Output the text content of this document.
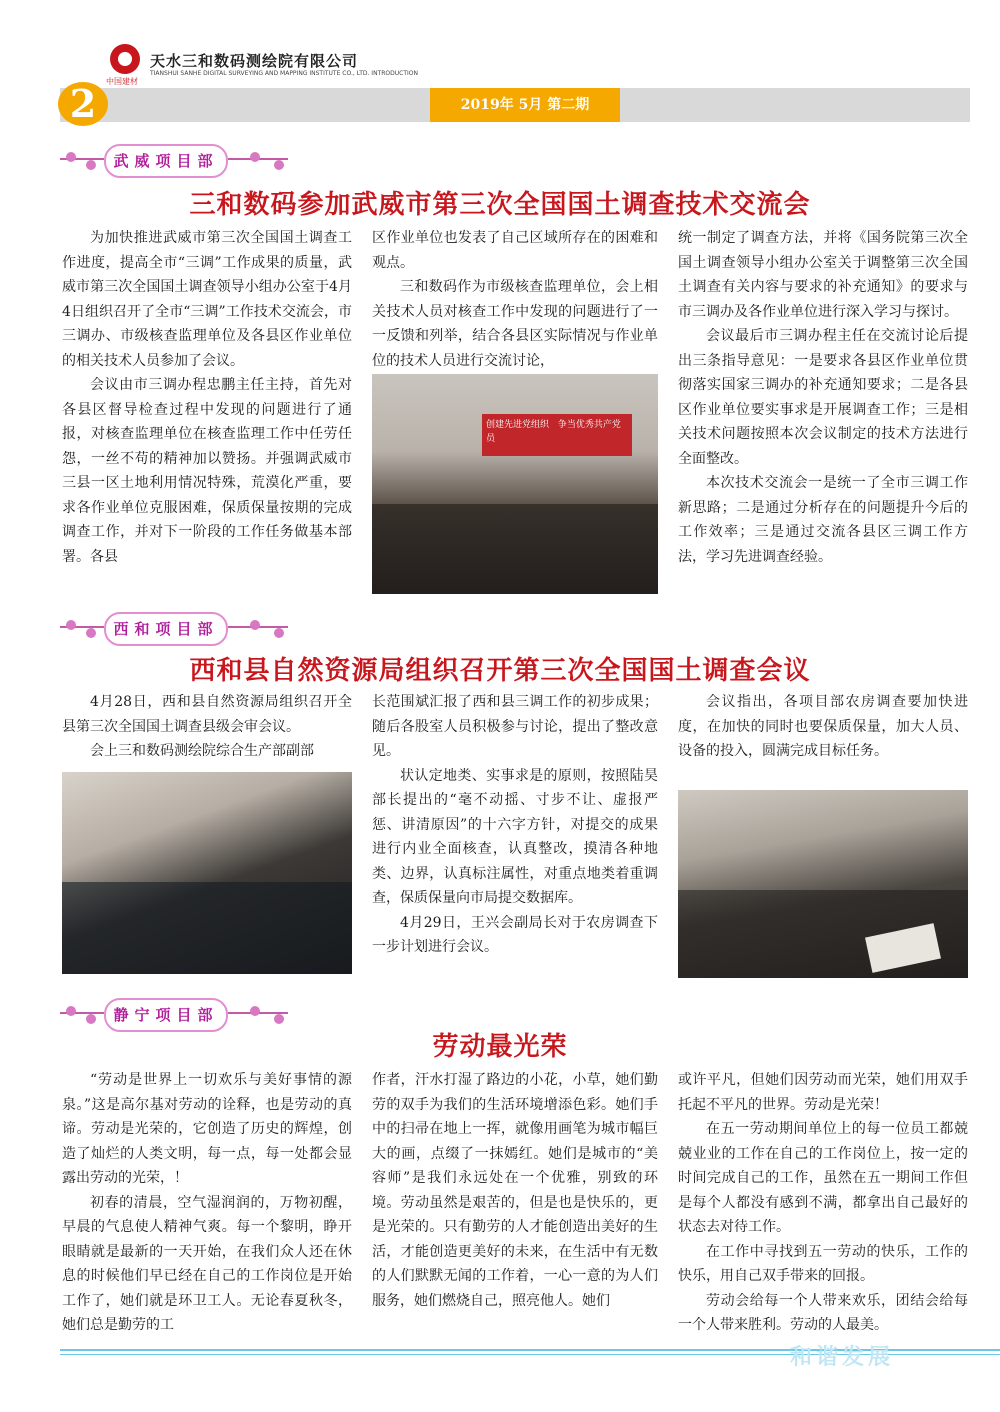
中国建材
天水三和数码测绘院有限公司
TIANSHUI SANHE DIGITAL SURVEYING AND MAPPING INSTITUTE CO., LTD. INTRODUCTION
2	2019年 5月 第二期
武威项目部
三和数码参加武威市第三次全国国土调查技术交流会

为加快推进武威市第三次全国国土调查工作进度，提高全市“三调”工作成果的质量，武威市第三次全国国土调查领导小组办公室于4月4日组织召开了全市“三调”工作技术交流会，市三调办、市级核查监理单位及各县区作业单位的相关技术人员参加了会议。

会议由市三调办程忠鹏主任主持，首先对各县区督导检查过程中发现的问题进行了通报，对核查监理单位在核查监理工作中任劳任怨，一丝不苟的精神加以赞扬。并强调武威市三县一区土地利用情况特殊，荒漠化严重，要求各作业单位克服困难，保质保量按期的完成调查工作，并对下一阶段的工作任务做基本部署。各县

区作业单位也发表了自己区域所存在的困难和观点。

三和数码作为市级核查监理单位，会上相关技术人员对核查工作中发现的问题进行了一一反馈和列举，结合各县区实际情况与作业单位的技术人员进行交流讨论，

创建先进党组织 争当优秀共产党员

统一制定了调查方法，并将《国务院第三次全国土调查领导小组办公室关于调整第三次全国土调查有关内容与要求的补充通知》的要求与市三调办及各作业单位进行深入学习与探讨。

会议最后市三调办程主任在交流讨论后提出三条指导意见：一是要求各县区作业单位贯彻落实国家三调办的补充通知要求；二是各县区作业单位要实事求是开展调查工作；三是相关技术问题按照本次会议制定的技术方法进行全面整改。

本次技术交流会一是统一了全市三调工作新思路；二是通过分析存在的问题提升今后的工作效率；三是通过交流各县区三调工作方法，学习先进调查经验。

西和项目部
西和县自然资源局组织召开第三次全国国土调查会议

4月28日，西和县自然资源局组织召开全县第三次全国国土调查县级会审会议。

会上三和数码测绘院综合生产部副部

长范围斌汇报了西和县三调工作的初步成果；随后各股室人员积极参与讨论，提出了整改意见。

状认定地类、实事求是的原则，按照陆昊部长提出的“毫不动摇、寸步不让、虚报严惩、讲清原因”的十六字方针，对提交的成果进行内业全面核查，认真整改，摸清各种地类、边界，认真标注属性，对重点地类着重调查，保质保量向市局提交数据库。

4月29日，王兴会副局长对于农房调查下一步计划进行会议。

会议指出，各项目部农房调查要加快进度，在加快的同时也要保质保量，加大人员、设备的投入，圆满完成目标任务。

静宁项目部
劳动最光荣

“劳动是世界上一切欢乐与美好事情的源泉。”这是高尔基对劳动的诠释，也是劳动的真谛。劳动是光荣的，它创造了历史的辉煌，创造了灿烂的人类文明，每一点，每一处都会显露出劳动的光荣，！

初春的清晨，空气湿润润的，万物初醒，早晨的气息使人精神气爽。每一个黎明，睁开眼睛就是最新的一天开始，在我们众人还在休息的时候他们早已经在自己的工作岗位是开始工作了，她们就是环卫工人。无论春夏秋冬，她们总是勤劳的工

作者，汗水打湿了路边的小花，小草，她们勤劳的双手为我们的生活环境增添色彩。她们手中的扫帚在地上一挥，就像用画笔为城市幅巨大的画，点缀了一抹嫣红。她们是城市的“美容师”是我们永远处在一个优雅，别致的环境。劳动虽然是艰苦的，但是也是快乐的，更是光荣的。只有勤劳的人才能创造出美好的生活，才能创造更美好的未来，在生活中有无数的人们默默无闻的工作着，一心一意的为人们服务，她们燃烧自己，照亮他人。她们

或许平凡，但她们因劳动而光荣，她们用双手托起不平凡的世界。劳动是光荣！

在五一劳动期间单位上的每一位员工都兢兢业业的工作在自己的工作岗位上，按一定的时间完成自己的工作，虽然在五一期间工作但是每个人都没有感到不满，都拿出自己最好的状态去对待工作。

在工作中寻找到五一劳动的快乐，工作的快乐，用自己双手带来的回报。

劳动会给每一个人带来欢乐，团结会给每一个人带来胜利。劳动的人最美。

和谐发展
